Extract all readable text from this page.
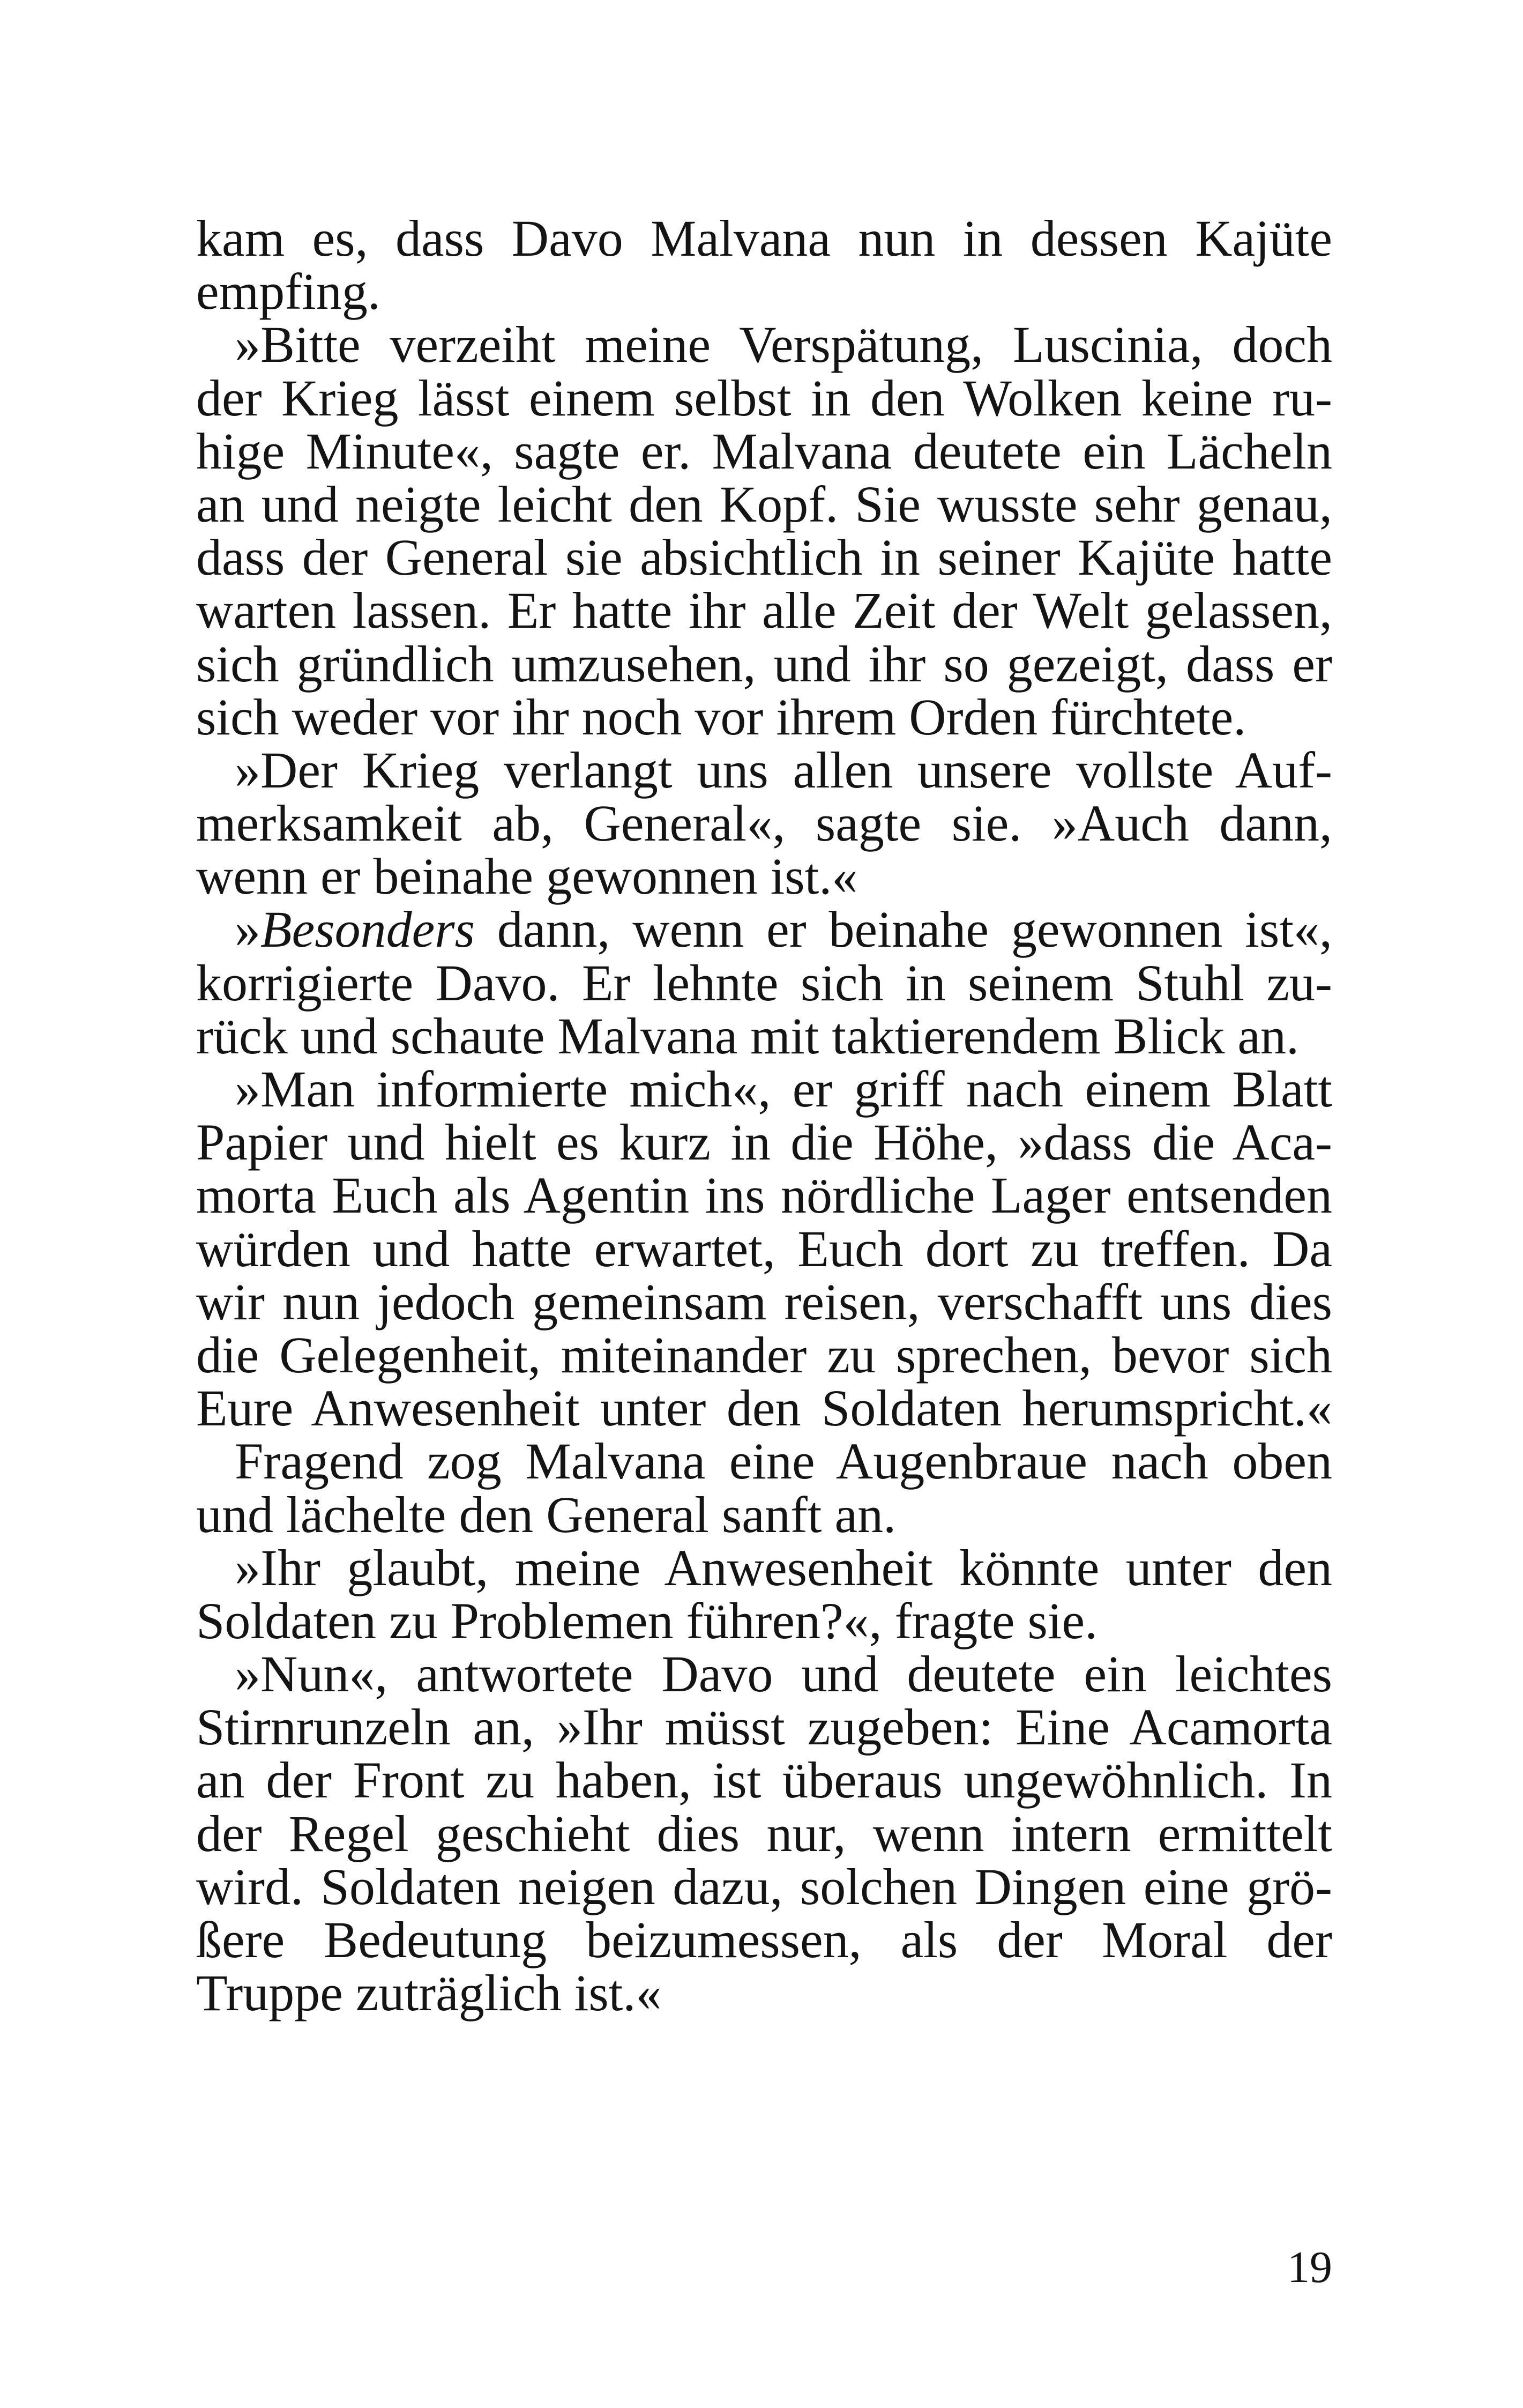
kam es, dass Davo Malvana nun in dessen Kajüte
empfing.
»Bitte verzeiht meine Verspätung, Luscinia, doch
der Krieg lässt einem selbst in den Wolken keine ru-
hige Minute«, sagte er. Malvana deutete ein Lächeln
an und neigte leicht den Kopf. Sie wusste sehr genau,
dass der General sie absichtlich in seiner Kajüte hatte
warten lassen. Er hatte ihr alle Zeit der Welt gelassen,
sich gründlich umzusehen, und ihr so gezeigt, dass er
sich weder vor ihr noch vor ihrem Orden fürchtete.
»Der Krieg verlangt uns allen unsere vollste Auf-
merksamkeit ab, General«, sagte sie. »Auch dann,
wenn er beinahe gewonnen ist.«
»Besonders dann, wenn er beinahe gewonnen ist«,
korrigierte Davo. Er lehnte sich in seinem Stuhl zu-
rück und schaute Malvana mit taktierendem Blick an.
»Man informierte mich«, er griff nach einem Blatt
Papier und hielt es kurz in die Höhe, »dass die Aca-
morta Euch als Agentin ins nördliche Lager entsenden
würden und hatte erwartet, Euch dort zu treffen. Da
wir nun jedoch gemeinsam reisen, verschafft uns dies
die Gelegenheit, miteinander zu sprechen, bevor sich
Eure Anwesenheit unter den Soldaten herumspricht.«
Fragend zog Malvana eine Augenbraue nach oben
und lächelte den General sanft an.
»Ihr glaubt, meine Anwesenheit könnte unter den
Soldaten zu Problemen führen?«, fragte sie.
»Nun«, antwortete Davo und deutete ein leichtes
Stirnrunzeln an, »Ihr müsst zugeben: Eine Acamorta
an der Front zu haben, ist überaus ungewöhnlich. In
der Regel geschieht dies nur, wenn intern ermittelt
wird. Soldaten neigen dazu, solchen Dingen eine grö-
ßere Bedeutung beizumessen, als der Moral der
Truppe zuträglich ist.«
19
